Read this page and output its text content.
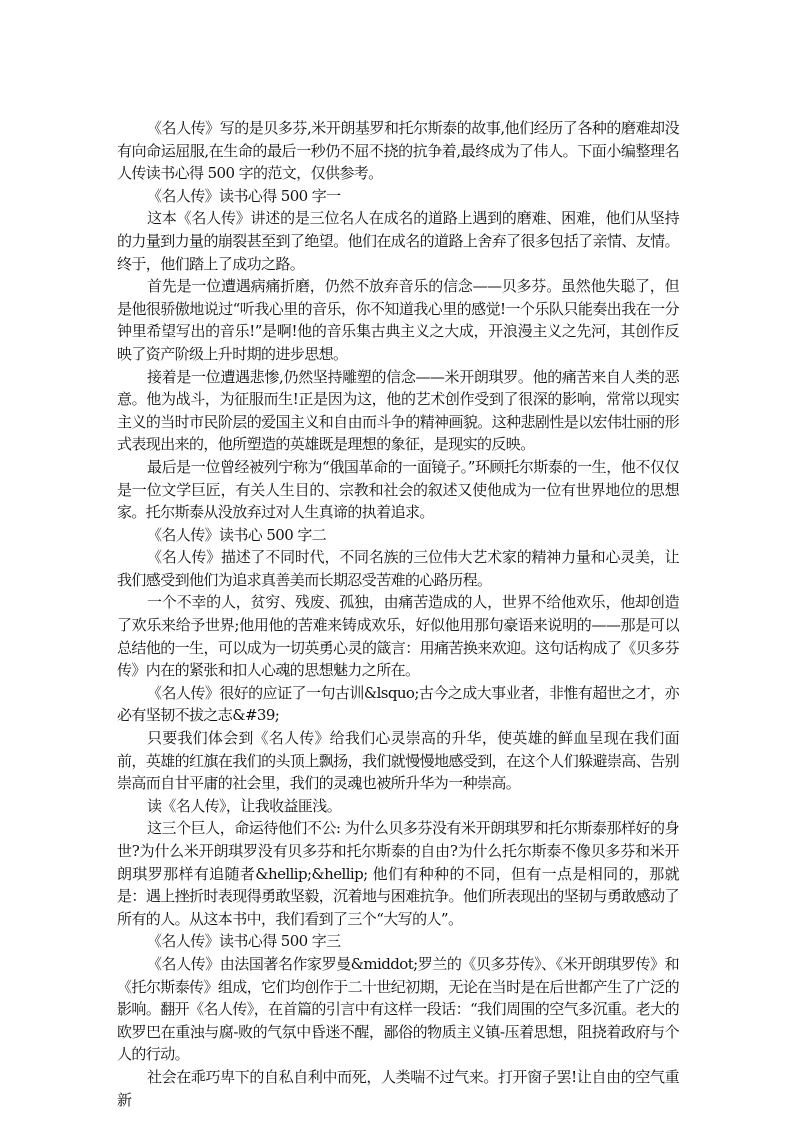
《名人传》写的是贝多芬,米开朗基罗和托尔斯泰的故事,他们经历了各种的磨难却没有向命运屈服,在生命的最后一秒仍不屈不挠的抗争着,最终成为了伟人。下面小编整理名人传读书心得 500 字的范文，仅供参考。

《名人传》读书心得 500 字一

这本《名人传》讲述的是三位名人在成名的道路上遇到的磨难、困难，他们从坚持的力量到力量的崩裂甚至到了绝望。他们在成名的道路上舍弃了很多包括了亲情、友情。终于，他们踏上了成功之路。

首先是一位遭遇病痛折磨，仍然不放弃音乐的信念——贝多芬。虽然他失聪了，但是他很骄傲地说过“听我心里的音乐，你不知道我心里的感觉!一个乐队只能奏出我在一分钟里希望写出的音乐!”是啊!他的音乐集古典主义之大成，开浪漫主义之先河，其创作反映了资产阶级上升时期的进步思想。

接着是一位遭遇悲惨,仍然坚持雕塑的信念——米开朗琪罗。他的痛苦来自人类的恶意。他为战斗，为征服而生!正是因为这，他的艺术创作受到了很深的影响，常常以现实主义的当时市民阶层的爱国主义和自由而斗争的精神画貌。这种悲剧性是以宏伟壮丽的形式表现出来的，他所塑造的英雄既是理想的象征，是现实的反映。

最后是一位曾经被列宁称为“俄国革命的一面镜子。”环顾托尔斯泰的一生，他不仅仅是一位文学巨匠，有关人生目的、宗教和社会的叙述又使他成为一位有世界地位的思想家。托尔斯泰从没放弃过对人生真谛的执着追求。

《名人传》读书心 500 字二

《名人传》描述了不同时代，不同名族的三位伟大艺术家的精神力量和心灵美，让我们感受到他们为追求真善美而长期忍受苦难的心路历程。

一个不幸的人，贫穷、残废、孤独，由痛苦造成的人，世界不给他欢乐，他却创造了欢乐来给予世界;他用他的苦难来铸成欢乐，好似他用那句豪语来说明的——那是可以总结他的一生，可以成为一切英勇心灵的箴言：用痛苦换来欢迎。这句话构成了《贝多芬传》内在的紧张和扣人心魂的思想魅力之所在。

《名人传》很好的应证了一句古训&lsquo;古今之成大事业者，非惟有超世之才，亦必有坚韧不拔之志&#39;

只要我们体会到《名人传》给我们心灵崇高的升华，使英雄的鲜血呈现在我们面前，英雄的红旗在我们的头顶上飘扬，我们就慢慢地感受到，在这个人们躲避崇高、告别崇高而自甘平庸的社会里，我们的灵魂也被所升华为一种崇高。

读《名人传》，让我收益匪浅。

这三个巨人，命运待他们不公: 为什么贝多芬没有米开朗琪罗和托尔斯泰那样好的身世?为什么米开朗琪罗没有贝多芬和托尔斯泰的自由?为什么托尔斯泰不像贝多芬和米开朗琪罗那样有追随者&hellip;&hellip; 他们有种种的不同，但有一点是相同的，那就是：遇上挫折时表现得勇敢坚毅，沉着地与困难抗争。他们所表现出的坚韧与勇敢感动了所有的人。从这本书中，我们看到了三个“大写的人”。

《名人传》读书心得 500 字三

《名人传》由法国著名作家罗曼&middot;罗兰的《贝多芬传》、《米开朗琪罗传》和《托尔斯泰传》组成，它们均创作于二十世纪初期，无论在当时是在后世都产生了广泛的影响。翻开《名人传》，在首篇的引言中有这样一段话：“我们周围的空气多沉重。老大的欧罗巴在重浊与腐-败的气氛中昏迷不醒，鄙俗的物质主义镇-压着思想，阻挠着政府与个人的行动。

社会在乖巧卑下的自私自利中而死，人类喘不过气来。打开窗子罢!让自由的空气重新
